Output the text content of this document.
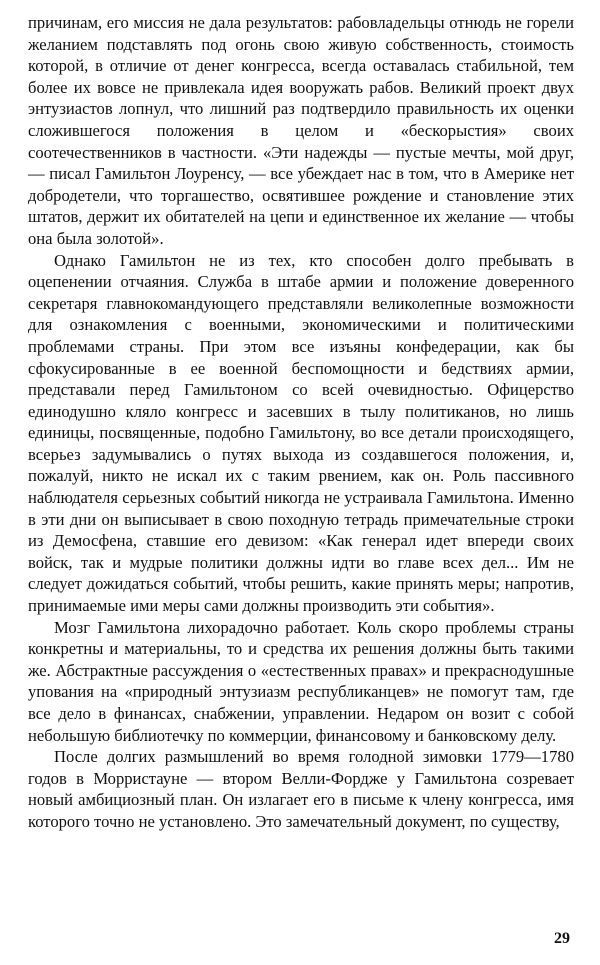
причинам, его миссия не дала результатов: рабовладельцы отнюдь не горели желанием подставлять под огонь свою живую собственность, стоимость которой, в отличие от денег конгресса, всегда оставалась стабильной, тем более их вовсе не привлекала идея вооружать рабов. Великий проект двух энтузиастов лопнул, что лишний раз подтвердило правильность их оценки сложившегося положения в целом и «бескорыстия» своих соотечественников в частности. «Эти надежды — пустые мечты, мой друг, — писал Гамильтон Лоуренсу, — все убеждает нас в том, что в Америке нет добродетели, что торгашество, освятившее рождение и становление этих штатов, держит их обитателей на цепи и единственное их желание — чтобы она была золотой».

Однако Гамильтон не из тех, кто способен долго пребывать в оцепенении отчаяния. Служба в штабе армии и положение доверенного секретаря главнокомандующего представляли великолепные возможности для ознакомления с военными, экономическими и политическими проблемами страны. При этом все изъяны конфедерации, как бы сфокусированные в ее военной беспомощности и бедствиях армии, представали перед Гамильтоном со всей очевидностью. Офицерство единодушно кляло конгресс и засевших в тылу политиканов, но лишь единицы, посвященные, подобно Гамильтону, во все детали происходящего, всерьез задумывались о путях выхода из создавшегося положения, и, пожалуй, никто не искал их с таким рвением, как он. Роль пассивного наблюдателя серьезных событий никогда не устраивала Гамильтона. Именно в эти дни он выписывает в свою походную тетрадь примечательные строки из Демосфена, ставшие его девизом: «Как генерал идет впереди своих войск, так и мудрые политики должны идти во главе всех дел... Им не следует дожидаться событий, чтобы решить, какие принять меры; напротив, принимаемые ими меры сами должны производить эти события».

Мозг Гамильтона лихорадочно работает. Коль скоро проблемы страны конкретны и материальны, то и средства их решения должны быть такими же. Абстрактные рассуждения о «естественных правах» и прекраснодушные упования на «природный энтузиазм республиканцев» не помогут там, где все дело в финансах, снабжении, управлении. Недаром он возит с собой небольшую библиотечку по коммерции, финансовому и банковскому делу.

После долгих размышлений во время голодной зимовки 1779—1780 годов в Морристауне — втором Велли-Фордже у Гамильтона созревает новый амбициозный план. Он излагает его в письме к члену конгресса, имя которого точно не установлено. Это замечательный документ, по существу,

29
